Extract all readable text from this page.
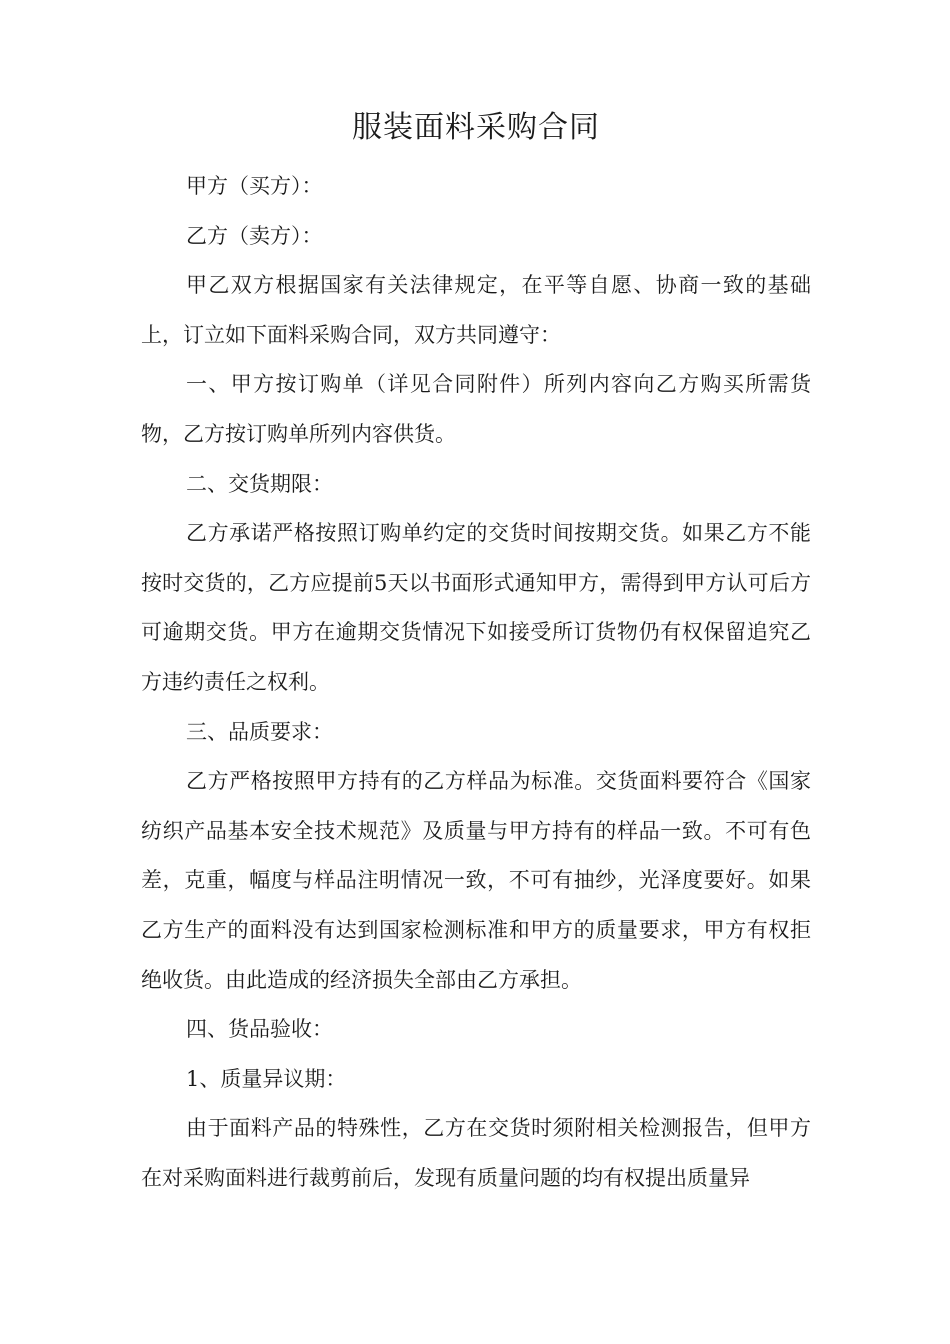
服装面料采购合同

甲方（买方）：

乙方（卖方）：

甲乙双方根据国家有关法律规定，在平等自愿、协商一致的基础上，订立如下面料采购合同，双方共同遵守：

一、甲方按订购单（详见合同附件）所列内容向乙方购买所需货物，乙方按订购单所列内容供货。

二、交货期限：

乙方承诺严格按照订购单约定的交货时间按期交货。如果乙方不能按时交货的，乙方应提前5天以书面形式通知甲方，需得到甲方认可后方可逾期交货。甲方在逾期交货情况下如接受所订货物仍有权保留追究乙方违约责任之权利。

三、品质要求：

乙方严格按照甲方持有的乙方样品为标准。交货面料要符合《国家纺织产品基本安全技术规范》及质量与甲方持有的样品一致。不可有色差，克重，幅度与样品注明情况一致，不可有抽纱，光泽度要好。如果乙方生产的面料没有达到国家检测标准和甲方的质量要求，甲方有权拒绝收货。由此造成的经济损失全部由乙方承担。

四、货品验收：

1、质量异议期：

由于面料产品的特殊性，乙方在交货时须附相关检测报告，但甲方在对采购面料进行裁剪前后，发现有质量问题的均有权提出质量异
